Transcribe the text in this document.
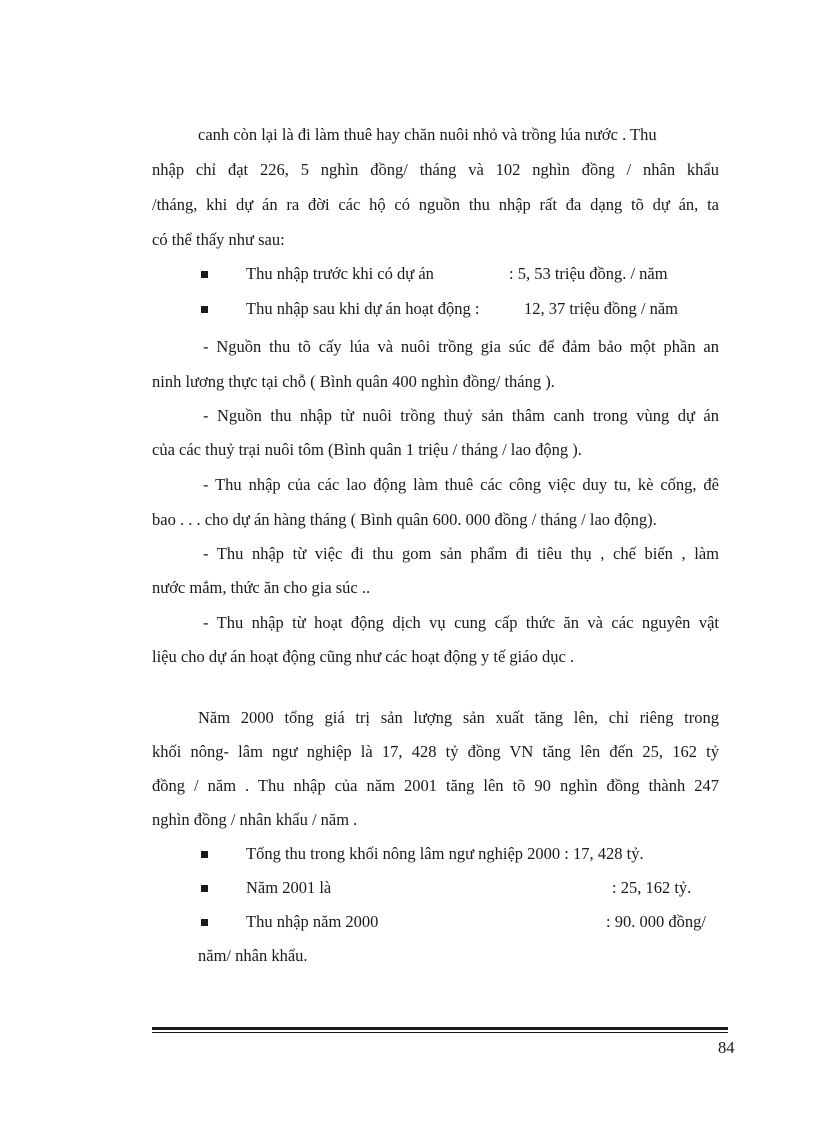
canh còn lại là đi làm thuê hay chăn nuôi nhỏ và trồng lúa nước . Thu
nhập chỉ đạt 226, 5 nghìn đồng/ tháng và 102 nghìn đồng / nhân khẩu
/tháng, khi dự án ra đời các hộ có nguồn thu nhập rất đa dạng tõ dự án, ta
có thể thấy như sau:
Thu nhập trước khi có dự án	: 5, 53 triệu đồng. / năm
Thu nhập sau khi dự án hoạt động :	12, 37 triệu đồng / năm
- Nguồn thu tõ cấy lúa và nuôi trồng gia súc để đảm bảo một phần an
ninh lương thực tại chỗ ( Bình quân 400 nghìn đồng/ tháng ).
- Nguồn thu nhập từ nuôi trồng thuỷ sản thâm canh trong vùng dự án
của các thuỷ trại nuôi tôm (Bình quân 1 triệu / tháng / lao động ).
- Thu nhập của các lao động làm thuê các công việc duy tu, kè cống, đê
bao . . . cho dự án hàng tháng ( Bình quân 600. 000 đồng / tháng / lao động).
- Thu nhập từ việc đi thu gom sản phẩm đi tiêu thụ , chế biến , làm
nước mắm, thức ăn cho gia súc ..
- Thu nhập từ hoạt động dịch vụ cung cấp thức ăn và các nguyên vật
liệu cho dự án hoạt động cũng như các hoạt động y tế giáo dục .
Năm 2000 tổng giá trị sản lượng sản xuất tăng lên, chỉ riêng trong
khối nông- lâm ngư nghiệp là 17, 428 tỷ đồng VN tăng lên đến 25, 162 tỷ
đồng / năm . Thu nhập của năm 2001 tăng lên tõ 90 nghìn đồng thành 247
nghìn đồng / nhân khẩu / năm .
Tổng thu trong khối nông lâm ngư nghiệp 2000 : 17, 428 tỷ.
Năm 2001 là	: 25, 162 tỷ.
Thu nhập năm 2000	: 90. 000 đồng/
năm/ nhân khẩu.
84
